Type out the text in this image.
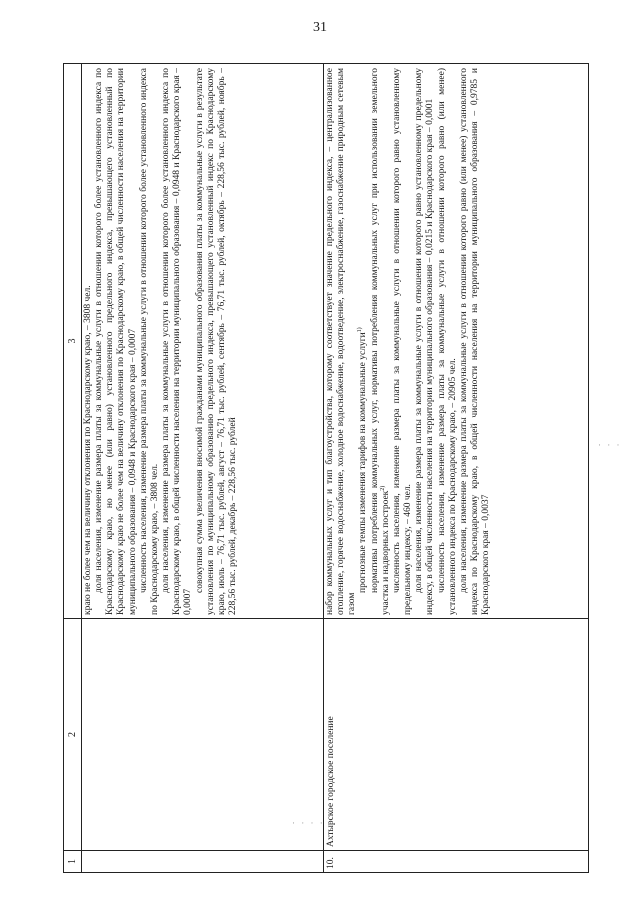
31
1
2
3 краю не более чем на величину отклонения по Краснодарскому краю, – 3808 чел. доля населения, изменение размера платы за коммунальные услуги в отношении которого более установленного индекса по Краснодарскому краю, но менее (или равно) установленного предельного индекса, превышающего установленный по Краснодарскому краю не более чем на величину отклонения по Краснодарскому краю, в общей численности населения на территории муниципального образования – 0,0948 и Краснодарского края – 0,0007 численность населения, изменение размера платы за коммунальные услуги в отношении которого более установленного индекса по Краснодарскому краю, – 3808 чел. доля населения, изменение размера платы за коммунальные услуги в отношении которого более установленного индекса по Краснодарскому краю, в общей численности населения на территории муниципального образования – 0,0948 и Краснодарского края – 0,0007

совокупная сумма увеличения вносимой гражданами муниципального образования платы за коммунальные услуги в результате установления по муниципальному образованию предельного индекса, превышающего установленный индекс по Краснодарскому краю, июль – 76,71 тыс. рублей, август – 76,71 тыс. рублей, сентябрь – 76,71 тыс. рублей, октябрь – 228,56 тыс. рублей, ноябрь – 228,56 тыс. рублей, декабрь – 228,56 тыс. рублей

10.
Ахтырское городское поселение

набор коммунальных услуг и тип благоустройства, которому соответствует значение предельного индекса, – централизованное отопление, горячее водоснабжение, холодное водоснабжение, водоотведение, электроснабжение, газоснабжение природным сетевым газом

прогнозные темпы изменения тарифов на коммунальные услуги$^{1)}$ нормативы потребления коммунальных услуг, нормативы потребления коммунальных услуг при использовании земельного участка и надворных построек$^{2)}$ численность населения, изменение размера платы за коммунальные услуги в отношении которого равно установленному предельному индексу, – 460 чел. доля населения, изменение размера платы за коммунальные услуги в отношении которого равно установленному предельному индексу, в общей численности населения на территории муниципального образования – 0,0215 и Краснодарского края – 0,0001 численность населения, изменение размера платы за коммунальные услуги в отношении которого равно (или менее) установленного индекса по Краснодарскому краю, – 20905 чел. доля населения, изменение размера платы за коммунальные услуги в отношении которого равно (или менее) установленного индекса по Краснодарскому краю, в общей численности населения на территории муниципального образования – 0,9785 и Краснодарского края – 0,0037

· · · · ·
· · ·
